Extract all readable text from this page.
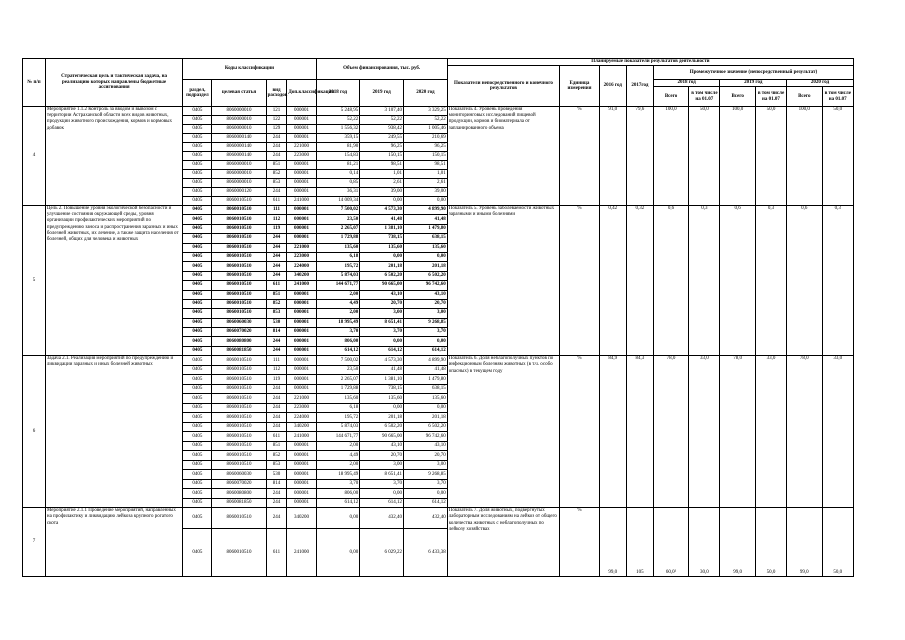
№ п/п	Стратегическая цель и тактическая задача, на реализацию которых направлены бюджетные ассигнования	Коды классификации				Объем финансирования, тыс. руб.			Планируемые показатели результатов деятельности									
									Показатели непосредственного и конечного результатов	Единица измерения	2016 год	2017год	Промежуточное значение (непосредственный результат)					
		раздел, подраздел	целевая статья	вид расходов	Доп.классификация	2018 год	2019 год	2020 год					2018 год		2019 год		2020 год	
													Всего	в том числе на 01.07	Всего	в том числе на 01.07	Всего	в том числе на 01.07
4	Мероприятие 1.1.2 Контроль за вводом и вывозом с территории Астраханской области всех видов животных, продукции животного происхождения, кормов и кормовых добавок	0405	8060000010	121	000001	5 248,95	3 107,40	3 329,25	Показатель 4. Уровень проведения мониторинговых исследований пищевой продукции, кормов и биоматериала от запланированного объема	%	91,0	79,6	100,0	50,0	100,0	50,0	100,0	50,0
		0405	8060000010	122	000001	52,22	52,22	52,22										
		0405	8060000010	129	000001	1 556,32	938,42	1 005,46										
		0405	8060000140	244	000001	359,15	249,55	210,69										
		0405	8060000140	244	221000	81,90	96,25	96,25										
		0405	8060000140	244	223000	154,83	150,15	150,15										
		0405	8060000010	851	000001	81,21	98,51	98,51										
		0405	8060000010	852	000001	0,14	1,01	1,01										
		0405	8060000010	853	000001	0,85	2,61	2,61										
		0405	8060000120	244	000001	36,31	39,00	39,00										
		0405	8060010510	611	241000	14 009,34	0,00	0,00										
5	Цель 2. Повышение уровня экологической безопасности и улучшение состояния окружающей среды, уровня организации профилактических мероприятий по предупреждению заноса и распространения заразных и иных болезней животных, их лечение, а также защита населения от болезней, общих для человека и животных	0405	8060010510	111	000001	7 500,02	4 573,30	4 899,90	Показатель 5. Уровень заболеваемости животных заразными и иными болезнями	%	0,42	0,32	0,6	0,3	0,6	0,3	0,6	0,3
		0405	8060010510	112	000001	23,50	41,48	41,48										
		0405	8060010510	119	000001	2 265,07	1 381,10	1 479,80										
		0405	8060010510	244	000001	1 729,88	738,15	638,15										
		0405	8060010510	244	221000	135,60	135,60	135,60										
		0405	8060010510	244	223000	6,18	0,00	0,00										
		0405	8060010510	244	224000	195,72	201,18	201,18										
		0405	8060010510	244	340200	5 874,03	6 502,20	6 502,20										
		0405	8060010510	611	241000	144 671,77	90 665,00	96 742,60										
		0405	8060010510	851	000001	2,00	43,10	43,10										
		0405	8060010510	852	000001	4,49	20,70	20,70										
		0405	8060010510	853	000001	2,00	3,00	3,00										
		0405	8060060030	530	000001	18 995,49	8 651,41	9 268,85										
		0405	8060070020	814	000001	3,70	3,70	3,70										
		0405	8060080800	244	000001	806,00	0,00	0,00										
		0405	8060081850	244	000001	614,12	614,12	614,12										
6	Задача 2.1. Реализация мероприятий по предупреждению и ликвидации заразных и иных болезней животных	0405	8060010510	111	000001	7 500,02	4 573,30	4 899,90	Показатель 6. Доля неблагополучных пунктов по инфекционным болезням животных (в т.ч. особо опасных) в текущем году	%	84,9	84,3	78,0	33,0	78,0	33,0	78,0	33,0
		0405	8060010510	112	000001	23,50	41,48	41,48										
		0405	8060010510	119	000001	2 265,07	1 381,10	1 479,80										
		0405	8060010510	244	000001	1 729,88	738,15	638,15										
		0405	8060010510	244	221000	135,60	135,60	135,60										
		0405	8060010510	244	223000	6,18	0,00	0,00										
		0405	8060010510	244	224000	195,72	201,18	201,18										
		0405	8060010510	244	340200	5 874,03	6 502,20	6 502,20										
		0405	8060010510	611	241000	144 671,77	90 665,00	96 742,60										
		0405	8060010510	851	000001	2,00	43,10	43,10										
		0405	8060010510	852	000001	4,49	20,70	20,70										
		0405	8060010510	853	000001	2,00	3,00	3,00										
		0405	8060060030	530	000001	18 995,49	8 651,41	9 268,85										
		0405	8060070020	814	000001	3,70	3,70	3,70										
		0405	8060080800	244	000001	806,00	0,00	0,00										
		0405	8060081850	244	000001	614,12	614,12	614,12										
7	Мероприятие 2.1.1 Проведение мероприятий, направленных на профилактику и ликвидацию лейкоза крупного рогатого скота	0405	8060010510	244	340200	0,00	432,40	432,40	Показатель 7. Доля животных, подвергнутых лабораторным исследованиям на лейкоз от общего количества животных с неблагополучных по лейкозу хозяйствах	%	99,0	105	60,0²	30,0	99,0	50,0	99,0	50,0
		0405	8060010510	611	241000	0,00	6 029,22	6 433,38										
